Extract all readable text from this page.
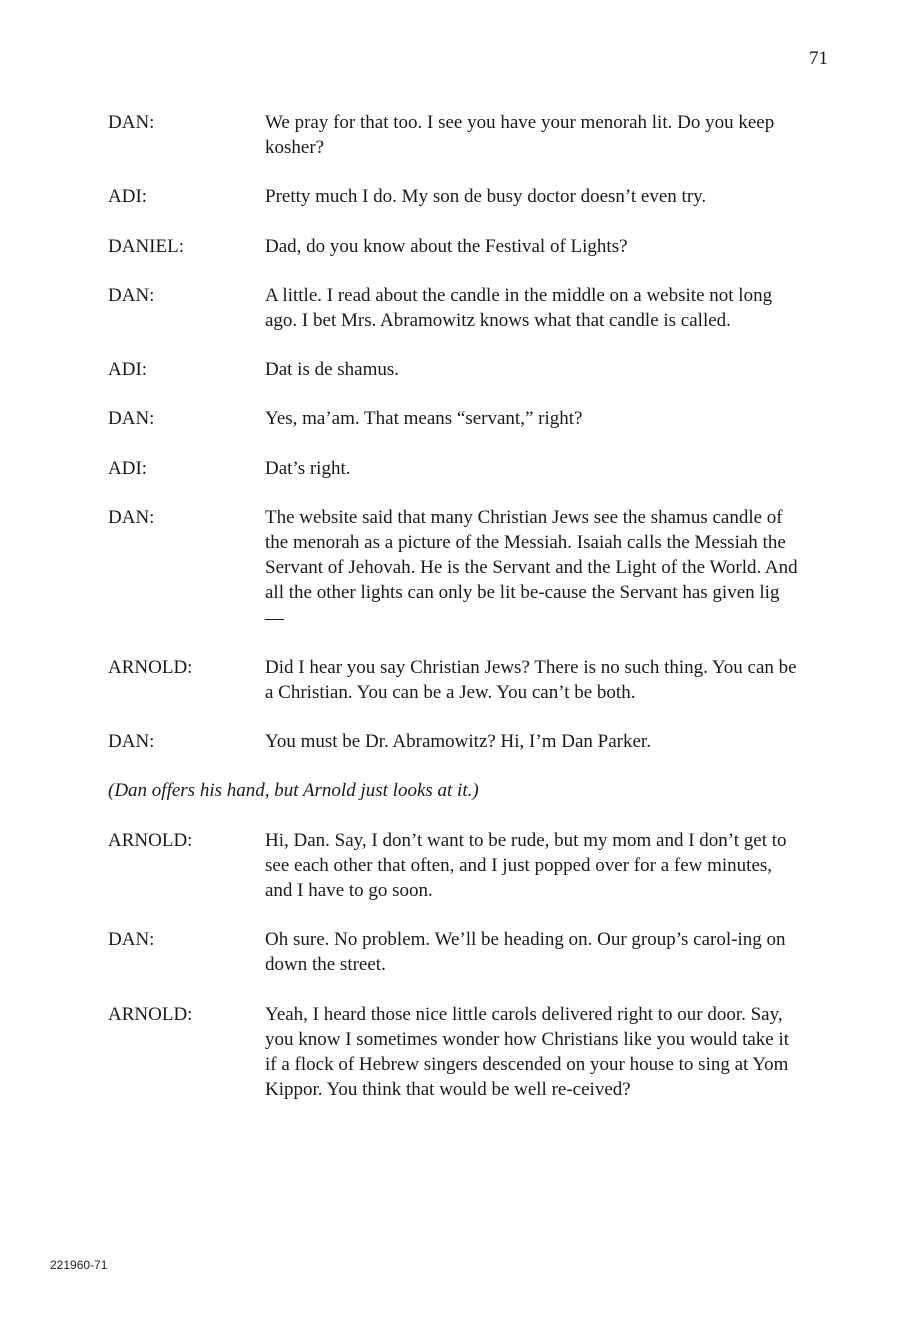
71
DAN:	We pray for that too. I see you have your menorah lit. Do you keep kosher?
ADI:	Pretty much I do. My son de busy doctor doesn’t even try.
DANIEL:	Dad, do you know about the Festival of Lights?
DAN:	A little. I read about the candle in the middle on a website not long ago. I bet Mrs. Abramowitz knows what that candle is called.
ADI:	Dat is de shamus.
DAN:	Yes, ma’am. That means “servant,” right?
ADI:	Dat’s right.
DAN:	The website said that many Christian Jews see the shamus candle of the menorah as a picture of the Messiah. Isaiah calls the Messiah the Servant of Jehovah. He is the Servant and the Light of the World. And all the other lights can only be lit be-cause the Servant has given lig—
ARNOLD:	Did I hear you say Christian Jews? There is no such thing. You can be a Christian. You can be a Jew. You can’t be both.
DAN:	You must be Dr. Abramowitz? Hi, I’m Dan Parker.
(Dan offers his hand, but Arnold just looks at it.)
ARNOLD:	Hi, Dan. Say, I don’t want to be rude, but my mom and I don’t get to see each other that often, and I just popped over for a few minutes, and I have to go soon.
DAN:	Oh sure. No problem. We’ll be heading on. Our group’s carol-ing on down the street.
ARNOLD:	Yeah, I heard those nice little carols delivered right to our door. Say, you know I sometimes wonder how Christians like you would take it if a flock of Hebrew singers descended on your house to sing at Yom Kippor. You think that would be well re-ceived?
221960-71
